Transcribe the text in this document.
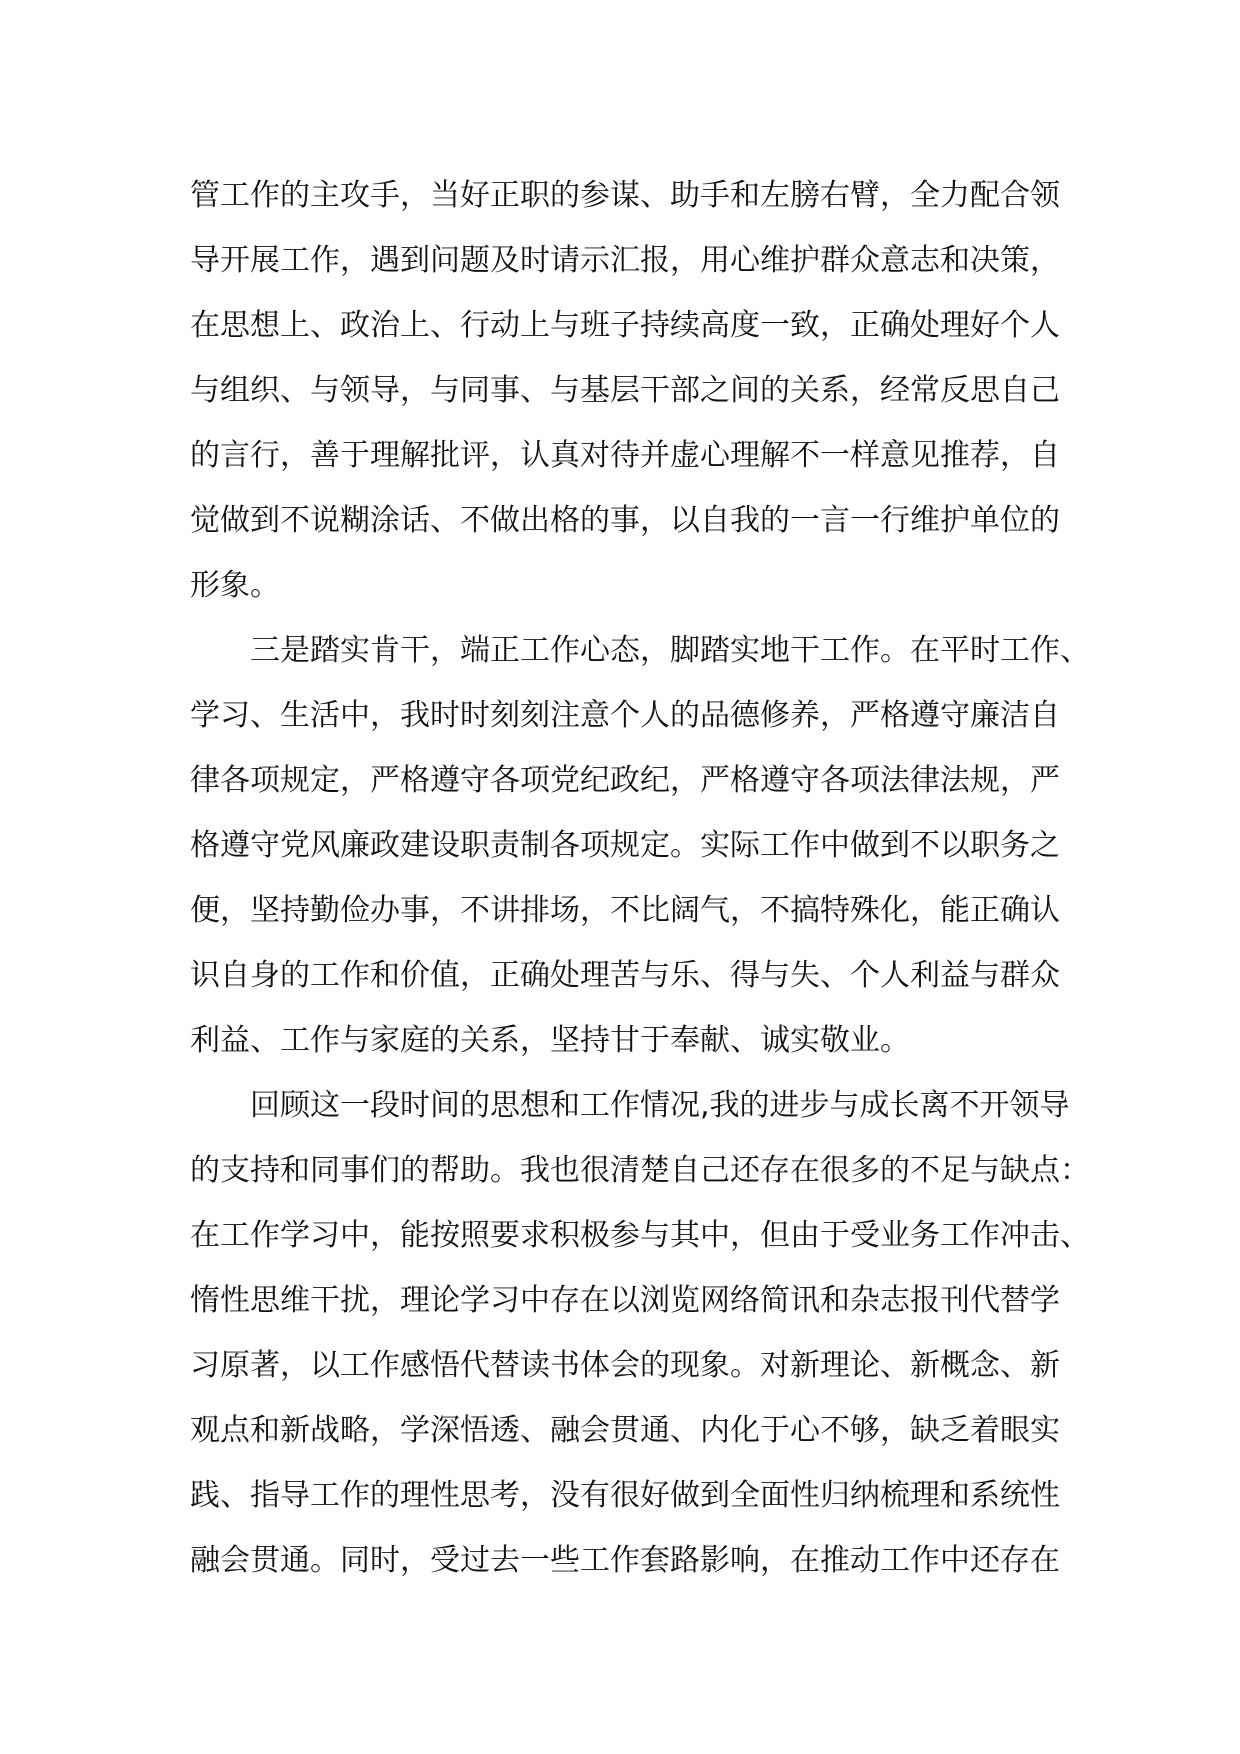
管工作的主攻手，当好正职的参谋、助手和左膀右臂，全力配合领
导开展工作，遇到问题及时请示汇报，用心维护群众意志和决策，
在思想上、政治上、行动上与班子持续高度一致，正确处理好个人
与组织、与领导，与同事、与基层干部之间的关系，经常反思自己
的言行，善于理解批评，认真对待并虚心理解不一样意见推荐，自
觉做到不说糊涂话、不做出格的事，以自我的一言一行维护单位的
形象。
三是踏实肯干，端正工作心态，脚踏实地干工作。在平时工作、
学习、生活中，我时时刻刻注意个人的品德修养，严格遵守廉洁自
律各项规定，严格遵守各项党纪政纪，严格遵守各项法律法规，严
格遵守党风廉政建设职责制各项规定。实际工作中做到不以职务之
便，坚持勤俭办事，不讲排场，不比阔气，不搞特殊化，能正确认
识自身的工作和价值，正确处理苦与乐、得与失、个人利益与群众
利益、工作与家庭的关系，坚持甘于奉献、诚实敬业。
回顾这一段时间的思想和工作情况,我的进步与成长离不开领导
的支持和同事们的帮助。我也很清楚自己还存在很多的不足与缺点：
在工作学习中，能按照要求积极参与其中，但由于受业务工作冲击、
惰性思维干扰，理论学习中存在以浏览网络简讯和杂志报刊代替学
习原著，以工作感悟代替读书体会的现象。对新理论、新概念、新
观点和新战略，学深悟透、融会贯通、内化于心不够，缺乏着眼实
践、指导工作的理性思考，没有很好做到全面性归纳梳理和系统性
融会贯通。同时，受过去一些工作套路影响，在推动工作中还存在
